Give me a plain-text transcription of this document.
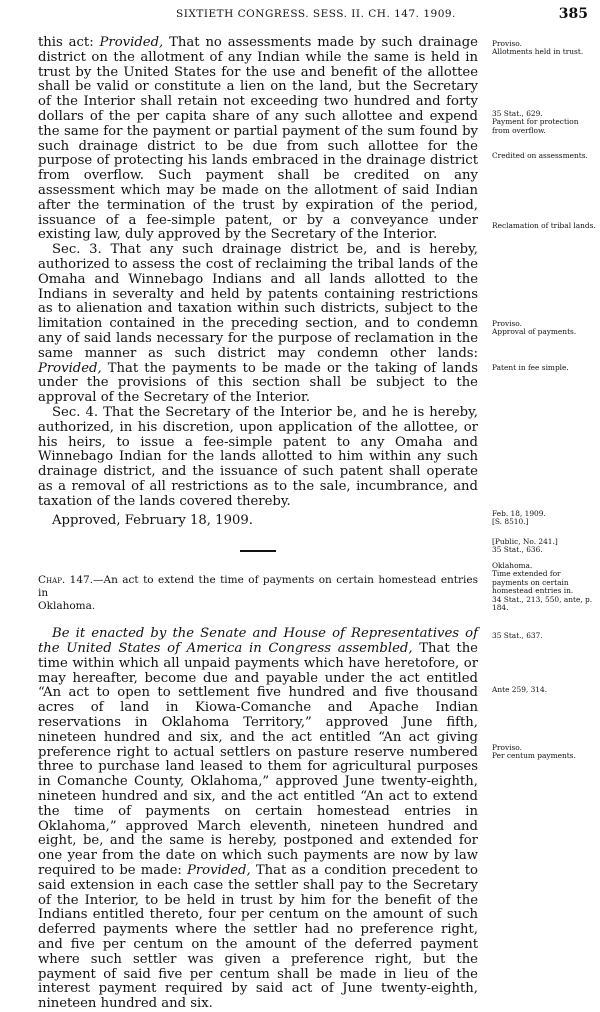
SIXTIETH CONGRESS. SESS. II. CH. 147. 1909.	385

this act: Provided, That no assessments made by such drainage district on the allotment of any Indian while the same is held in trust by the United States for the use and benefit of the allottee shall be valid or constitute a lien on the land, but the Secretary of the Interior shall retain not exceeding two hundred and forty dollars of the per capita share of any such allottee and expend the same for the payment or partial payment of the sum found by such drainage district to be due from such allottee for the purpose of protecting his lands embraced in the drainage district from overflow. Such payment shall be credited on any assessment which may be made on the allotment of said Indian after the termination of the trust by expiration of the period, issuance of a fee-simple patent, or by a conveyance under existing law, duly approved by the Secretary of the Interior.

Sec. 3. That any such drainage district be, and is hereby, authorized to assess the cost of reclaiming the tribal lands of the Omaha and Winnebago Indians and all lands allotted to the Indians in severalty and held by patents containing restrictions as to alienation and taxation within such districts, subject to the limitation contained in the preceding section, and to condemn any of said lands necessary for the purpose of reclamation in the same manner as such district may condemn other lands: Provided, That the payments to be made or the taking of lands under the provisions of this section shall be subject to the approval of the Secretary of the Interior.

Sec. 4. That the Secretary of the Interior be, and he is hereby, authorized, in his discretion, upon application of the allottee, or his heirs, to issue a fee-simple patent to any Omaha and Winnebago Indian for the lands allotted to him within any such drainage district, and the issuance of such patent shall operate as a removal of all restrictions as to the sale, incumbrance, and taxation of the lands covered thereby.

Approved, February 18, 1909.

Chap. 147.—An act to extend the time of payments on certain homestead entries in

Oklahoma.

Be it enacted by the Senate and House of Representatives of the United States of America in Congress assembled, That the time within which all unpaid payments which have heretofore, or may hereafter, become due and payable under the act entitled “An act to open to settlement five hundred and five thousand acres of land in Kiowa-Comanche and Apache Indian reservations in Oklahoma Territory,” approved June fifth, nineteen hundred and six, and the act entitled “An act giving preference right to actual settlers on pasture reserve numbered three to purchase land leased to them for agricultural purposes in Comanche County, Oklahoma,” approved June twenty-eighth, nineteen hundred and six, and the act entitled “An act to extend the time of payments on certain homestead entries in Oklahoma,” approved March eleventh, nineteen hundred and eight, be, and the same is hereby, postponed and extended for one year from the date on which such payments are now by law required to be made: Provided, That as a condition precedent to said extension in each case the settler shall pay to the Secretary of the Interior, to be held in trust by him for the benefit of the Indians entitled thereto, four per centum on the amount of such deferred payments where the settler had no preference right, and five per centum on the amount of the deferred payment where such settler was given a preference right, but the payment of said five per centum shall be made in lieu of the interest payment required by said act of June twenty-eighth, nineteen hundred and six.

Proviso.
Allotments held in trust.
35 Stat., 629.
Payment for protection from overflow.
Credited on assessments.
Reclamation of tribal lands.
Proviso.
Approval of payments.
Patent in fee simple.
Feb. 18, 1909.
[S. 8510.]
[Public, No. 241.]
35 Stat., 636.
Oklahoma.
Time extended for payments on certain homestead entries in.
34 Stat., 213, 550, ante, p. 184.
35 Stat., 637.
Ante 259, 314.
Proviso.
Per centum payments.
